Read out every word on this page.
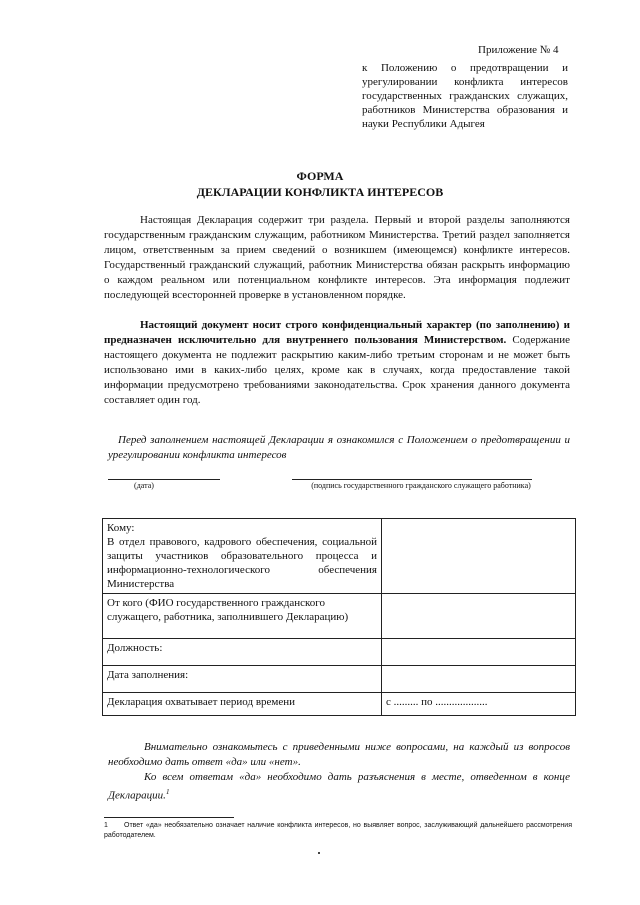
Приложение № 4
к Положению о предотвращении и урегулировании конфликта интересов государственных гражданских служащих, работников Министерства образования и науки Республики Адыгея
ФОРМА
ДЕКЛАРАЦИИ КОНФЛИКТА ИНТЕРЕСОВ
Настоящая Декларация содержит три раздела. Первый и второй разделы заполняются государственным гражданским служащим, работником Министерства. Третий раздел заполняется лицом, ответственным за прием сведений о возникшем (имеющемся) конфликте интересов. Государственный гражданский служащий, работник Министерства обязан раскрыть информацию о каждом реальном или потенциальном конфликте интересов. Эта информация подлежит последующей всесторонней проверке в установленном порядке.
Настоящий документ носит строго конфиденциальный характер (по заполнению) и предназначен исключительно для внутреннего пользования Министерством. Содержание настоящего документа не подлежит раскрытию каким-либо третьим сторонам и не может быть использовано ими в каких-либо целях, кроме как в случаях, когда предоставление такой информации предусмотрено требованиями законодательства. Срок хранения данного документа составляет один год.
Перед заполнением настоящей Декларации я ознакомился с Положением о предотвращении и урегулировании конфликта интересов
(дата)	(подпись государственного гражданского служащего работника)
Кому:
В отдел правового, кадрового обеспечения, социальной защиты участников образовательного процесса и информационно-технологического обеспечения Министерства	

От кого (ФИО государственного гражданского служащего, работника, заполнившего Декларацию)	
Должность:	
Дата заполнения:	
Декларация охватывает период времени	с ......... по ...................

Внимательно ознакомьтесь с приведенными ниже вопросами, на каждый из вопросов необходимо дать ответ «да» или «нет».

Ко всем ответам «да» необходимо дать разъяснения в месте, отведенном в конце Декларации.$^1$

1 Ответ «да» необязательно означает наличие конфликта интересов, но выявляет вопрос, заслуживающий дальнейшего рассмотрения работодателем.
